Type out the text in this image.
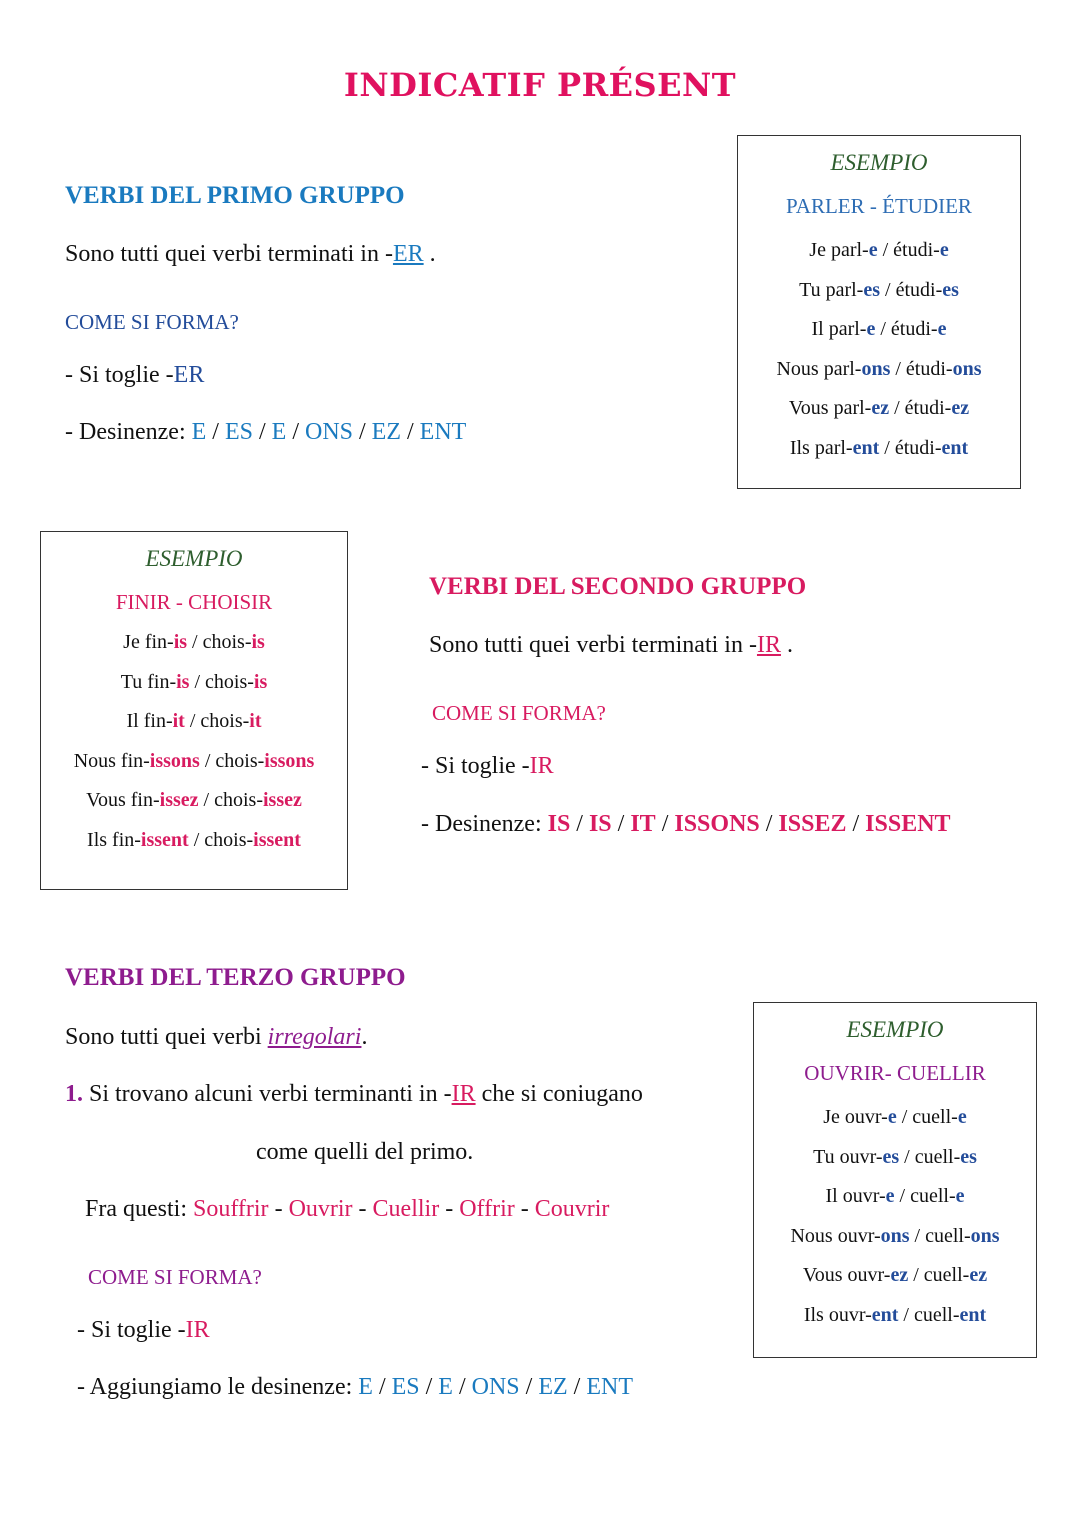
INDICATIF PRÉSENT
VERBI DEL PRIMO GRUPPO
Sono tutti quei verbi terminati in -ER .
COME SI FORMA?
- Si toglie -ER
- Desinenze: E / ES / E / ONS / EZ / ENT
ESEMPIO
PARLER - ÉTUDIER
Je parl-e / étudi-e
Tu parl-es / étudi-es
Il parl-e / étudi-e
Nous parl-ons / étudi-ons
Vous parl-ez / étudi-ez
Ils parl-ent / étudi-ent
ESEMPIO
FINIR - CHOISIR
Je fin-is / chois-is
Tu fin-is / chois-is
Il fin-it / chois-it
Nous fin-issons / chois-issons
Vous fin-issez / chois-issez
Ils fin-issent / chois-issent
VERBI DEL SECONDO GRUPPO
Sono tutti quei verbi terminati in -IR .
COME SI FORMA?
- Si toglie -IR
- Desinenze: IS / IS / IT / ISSONS / ISSEZ / ISSENT
VERBI DEL TERZO GRUPPO
Sono tutti quei verbi irregolari.
1. Si trovano alcuni verbi terminanti in -IR che si coniugano
come quelli del primo.
Fra questi: Souffrir - Ouvrir - Cuellir - Offrir - Couvrir
COME SI FORMA?
- Si toglie -IR
- Aggiungiamo le desinenze: E / ES / E / ONS / EZ / ENT
ESEMPIO
OUVRIR- CUELLIR
Je ouvr-e / cuell-e
Tu ouvr-es / cuell-es
Il ouvr-e / cuell-e
Nous ouvr-ons / cuell-ons
Vous ouvr-ez / cuell-ez
Ils ouvr-ent / cuell-ent
